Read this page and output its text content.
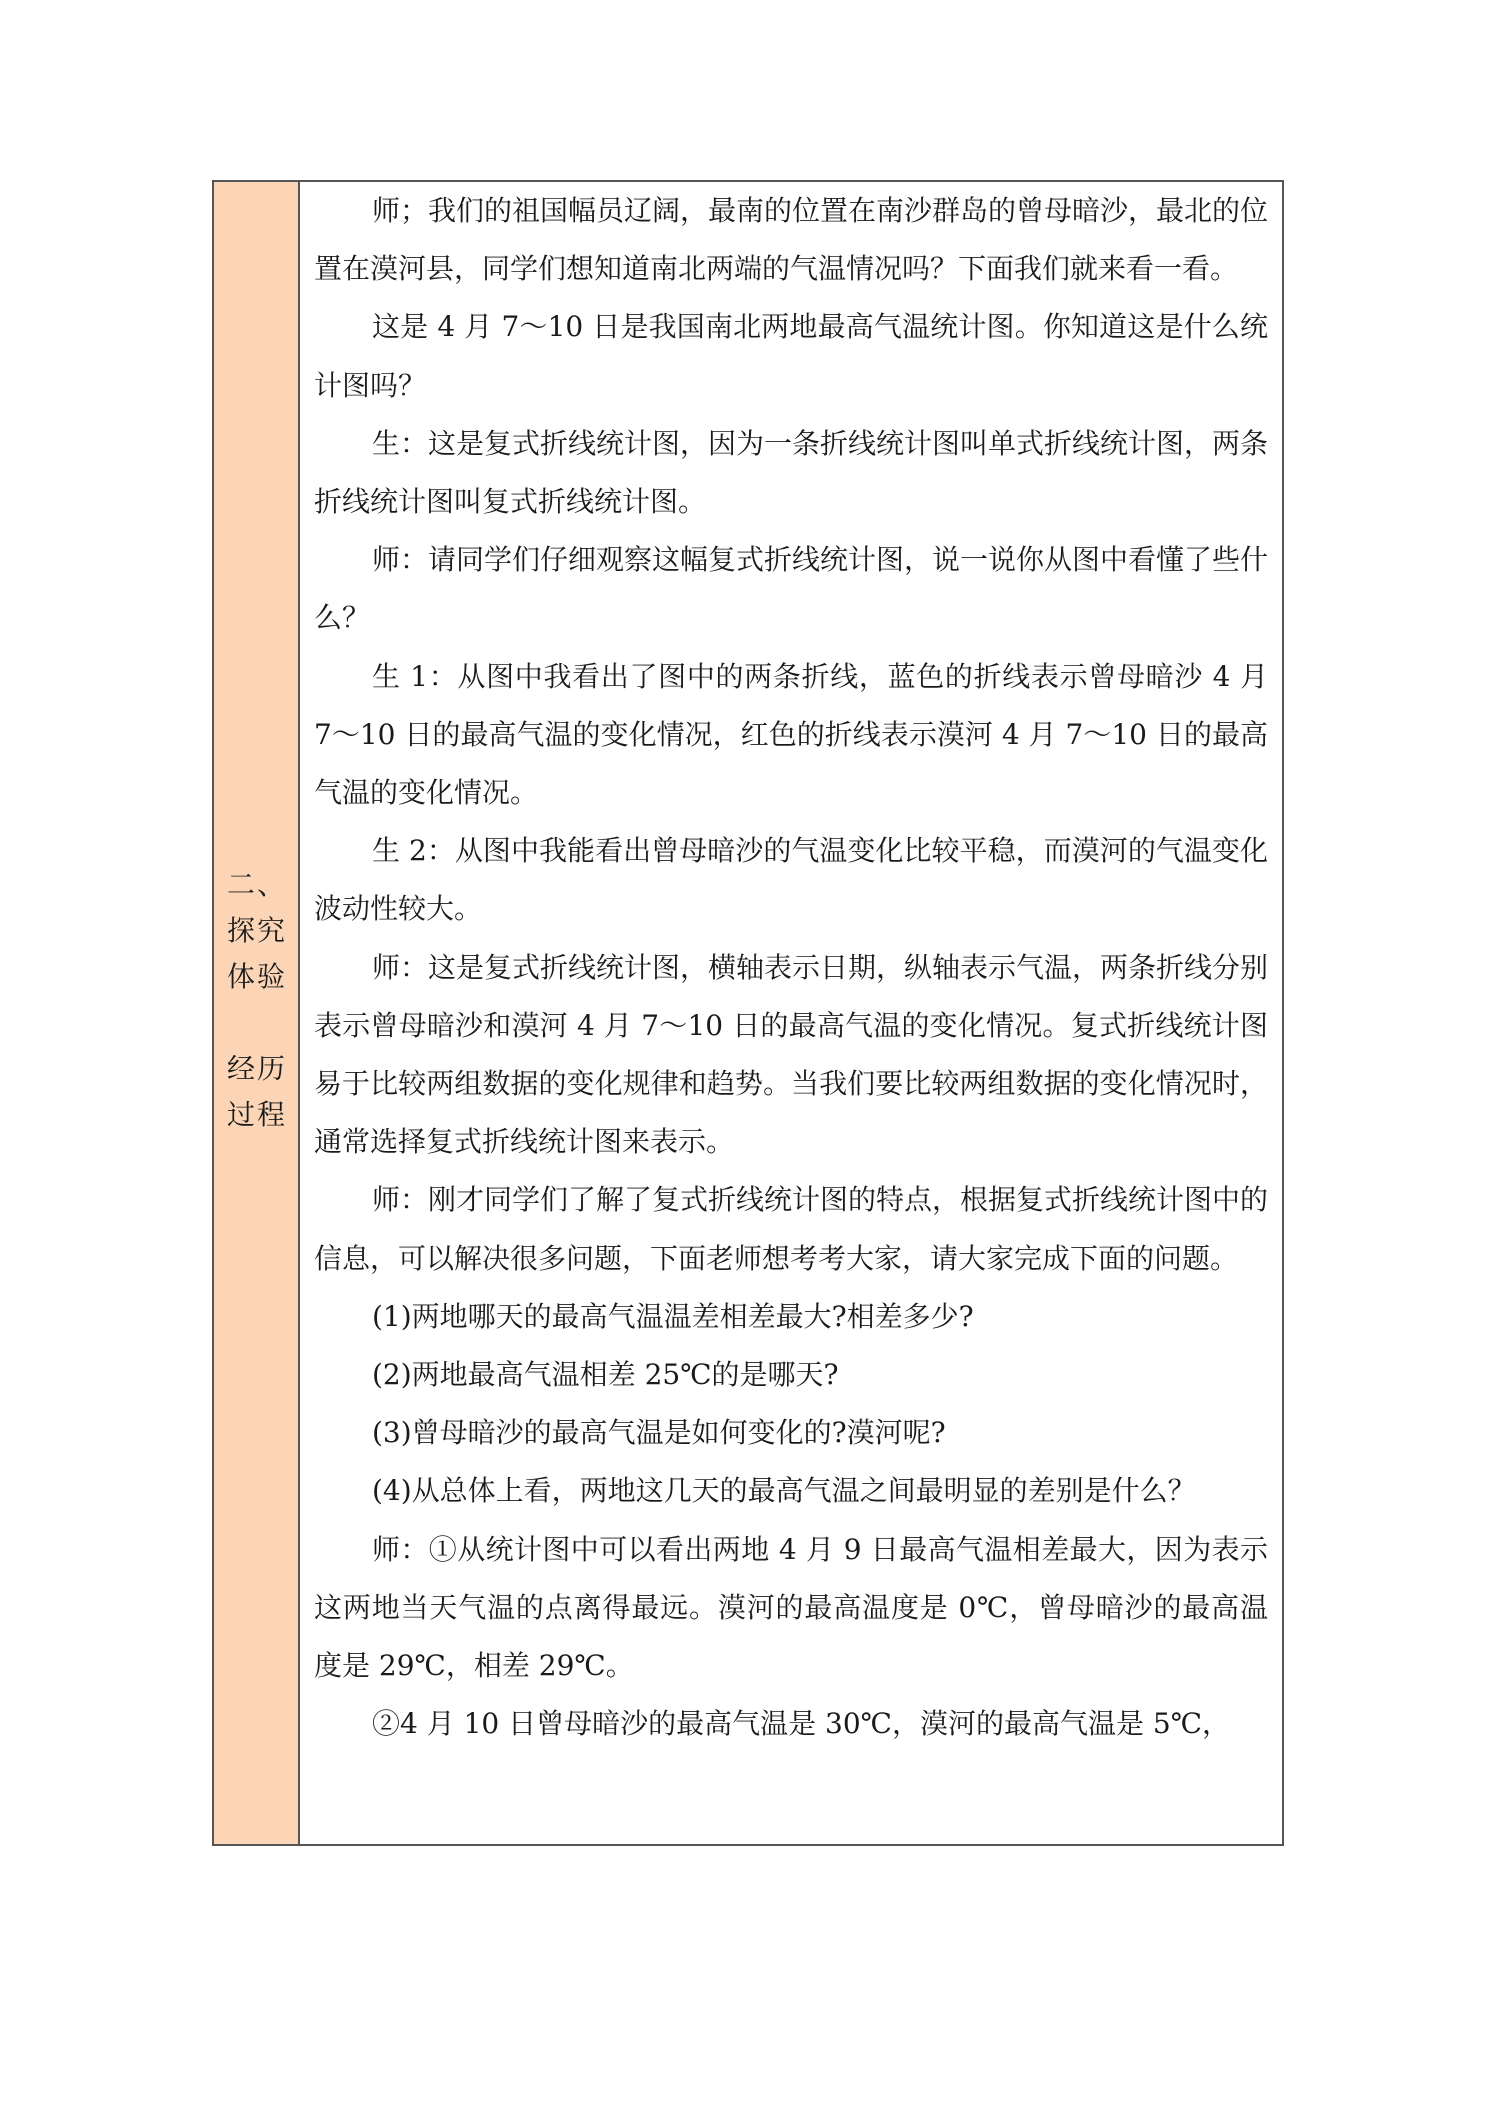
二、
探究
体验
经历
过程

师；我们的祖国幅员辽阔，最南的位置在南沙群岛的曾母暗沙，最北的位置在漠河县，同学们想知道南北两端的气温情况吗？下面我们就来看一看。

这是 4 月 7～10 日是我国南北两地最高气温统计图。你知道这是什么统计图吗？

生：这是复式折线统计图，因为一条折线统计图叫单式折线统计图，两条折线统计图叫复式折线统计图。

师：请同学们仔细观察这幅复式折线统计图，说一说你从图中看懂了些什么？

生 1：从图中我看出了图中的两条折线，蓝色的折线表示曾母暗沙 4 月 7～10 日的最高气温的变化情况，红色的折线表示漠河 4 月 7～10 日的最高气温的变化情况。

生 2：从图中我能看出曾母暗沙的气温变化比较平稳，而漠河的气温变化波动性较大。

师：这是复式折线统计图，横轴表示日期，纵轴表示气温，两条折线分别表示曾母暗沙和漠河 4 月 7～10 日的最高气温的变化情况。复式折线统计图易于比较两组数据的变化规律和趋势。当我们要比较两组数据的变化情况时，通常选择复式折线统计图来表示。

师：刚才同学们了解了复式折线统计图的特点，根据复式折线统计图中的信息，可以解决很多问题，下面老师想考考大家，请大家完成下面的问题。

(1)两地哪天的最高气温温差相差最大?相差多少?

(2)两地最高气温相差 25℃的是哪天?

(3)曾母暗沙的最高气温是如何变化的?漠河呢?

(4)从总体上看，两地这几天的最高气温之间最明显的差别是什么？

师：①从统计图中可以看出两地 4 月 9 日最高气温相差最大，因为表示这两地当天气温的点离得最远。漠河的最高温度是 0℃，曾母暗沙的最高温度是 29℃，相差 29℃。

②4 月 10 日曾母暗沙的最高气温是 30℃，漠河的最高气温是 5℃，
